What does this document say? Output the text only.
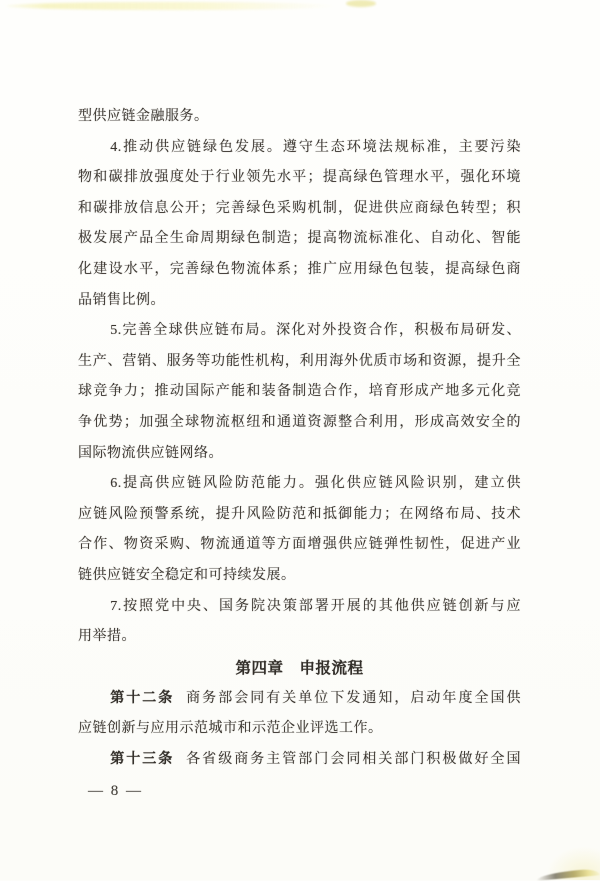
型供应链金融服务。
4.推动供应链绿色发展。遵守生态环境法规标准，主要污染
物和碳排放强度处于行业领先水平；提高绿色管理水平，强化环境
和碳排放信息公开；完善绿色采购机制，促进供应商绿色转型；积
极发展产品全生命周期绿色制造；提高物流标准化、自动化、智能
化建设水平，完善绿色物流体系；推广应用绿色包装，提高绿色商
品销售比例。
5.完善全球供应链布局。深化对外投资合作，积极布局研发、
生产、营销、服务等功能性机构，利用海外优质市场和资源，提升全
球竞争力；推动国际产能和装备制造合作，培育形成产地多元化竞
争优势；加强全球物流枢纽和通道资源整合利用，形成高效安全的
国际物流供应链网络。
6.提高供应链风险防范能力。强化供应链风险识别，建立供
应链风险预警系统，提升风险防范和抵御能力；在网络布局、技术
合作、物资采购、物流通道等方面增强供应链弹性韧性，促进产业
链供应链安全稳定和可持续发展。
7.按照党中央、国务院决策部署开展的其他供应链创新与应
用举措。
第四章　申报流程
第十二条 商务部会同有关单位下发通知，启动年度全国供
应链创新与应用示范城市和示范企业评选工作。
第十三条 各省级商务主管部门会同相关部门积极做好全国
— 8 —
